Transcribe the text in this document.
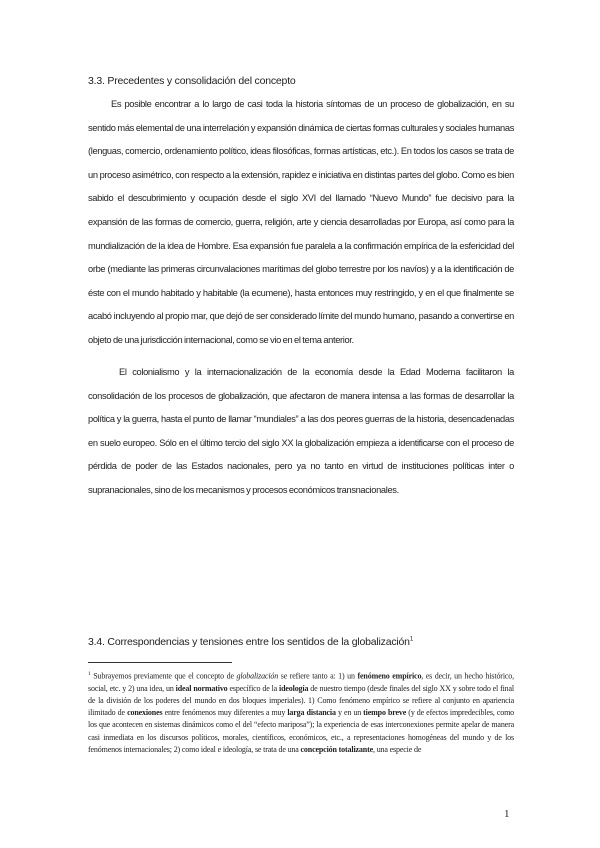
3.3. Precedentes y consolidación del concepto

Es posible encontrar a lo largo de casi toda la historia síntomas de un proceso de globalización, en su sentido más elemental de una interrelación y expansión dinámica de ciertas formas culturales y sociales humanas (lenguas, comercio, ordenamiento político, ideas filosóficas, formas artísticas, etc.). En todos los casos se trata de un proceso asimétrico, con respecto a la extensión, rapidez e iniciativa en distintas partes del globo. Como es bien sabido el descubrimiento y ocupación desde el siglo XVI del llamado “Nuevo Mundo” fue decisivo para la expansión de las formas de comercio, guerra, religión, arte y ciencia desarrolladas por Europa, así como para la mundialización de la idea de Hombre. Esa expansión fue paralela a la confirmación empírica de la esfericidad del orbe (mediante las primeras circunvalaciones marítimas del globo terrestre por los navíos) y a la identificación de éste con el mundo habitado y habitable (la ecumene), hasta entonces muy restringido, y en el que finalmente se acabó incluyendo al propio mar, que dejó de ser considerado límite del mundo humano, pasando a convertirse en objeto de una jurisdicción internacional, como se vio en el tema anterior.

El colonialismo y la internacionalización de la economía desde la Edad Moderna facilitaron la consolidación de los procesos de globalización, que afectaron de manera intensa a las formas de desarrollar la política y la guerra, hasta el punto de llamar “mundiales” a las dos peores guerras de la historia, desencadenadas en suelo europeo. Sólo en el último tercio del siglo XX la globalización empieza a identificarse con el proceso de pérdida de poder de las Estados nacionales, pero ya no tanto en virtud de instituciones políticas inter o supranacionales, sino de los mecanismos y procesos económicos transnacionales.

3.4. Correspondencias y tensiones entre los sentidos de la globalización$^1$

$^1$ Subrayemos previamente que el concepto de globalización se refiere tanto a: 1) un fenómeno empírico, es decir, un hecho histórico, social, etc. y 2) una idea, un ideal normativo específico de la ideología de nuestro tiempo (desde finales del siglo XX y sobre todo el final de la división de los poderes del mundo en dos bloques imperiales). 1) Como fenómeno empírico se refiere al conjunto en apariencia ilimitado de conexiones entre fenómenos muy diferentes a muy larga distancia y en un tiempo breve (y de efectos impredecibles, como los que acontecen en sistemas dinámicos como el del “efecto mariposa”); la experiencia de esas interconexiones permite apelar de manera casi inmediata en los discursos políticos, morales, científicos, económicos, etc., a representaciones homogéneas del mundo y de los fenómenos internacionales; 2) como ideal e ideología, se trata de una concepción totalizante, una especie de

1
